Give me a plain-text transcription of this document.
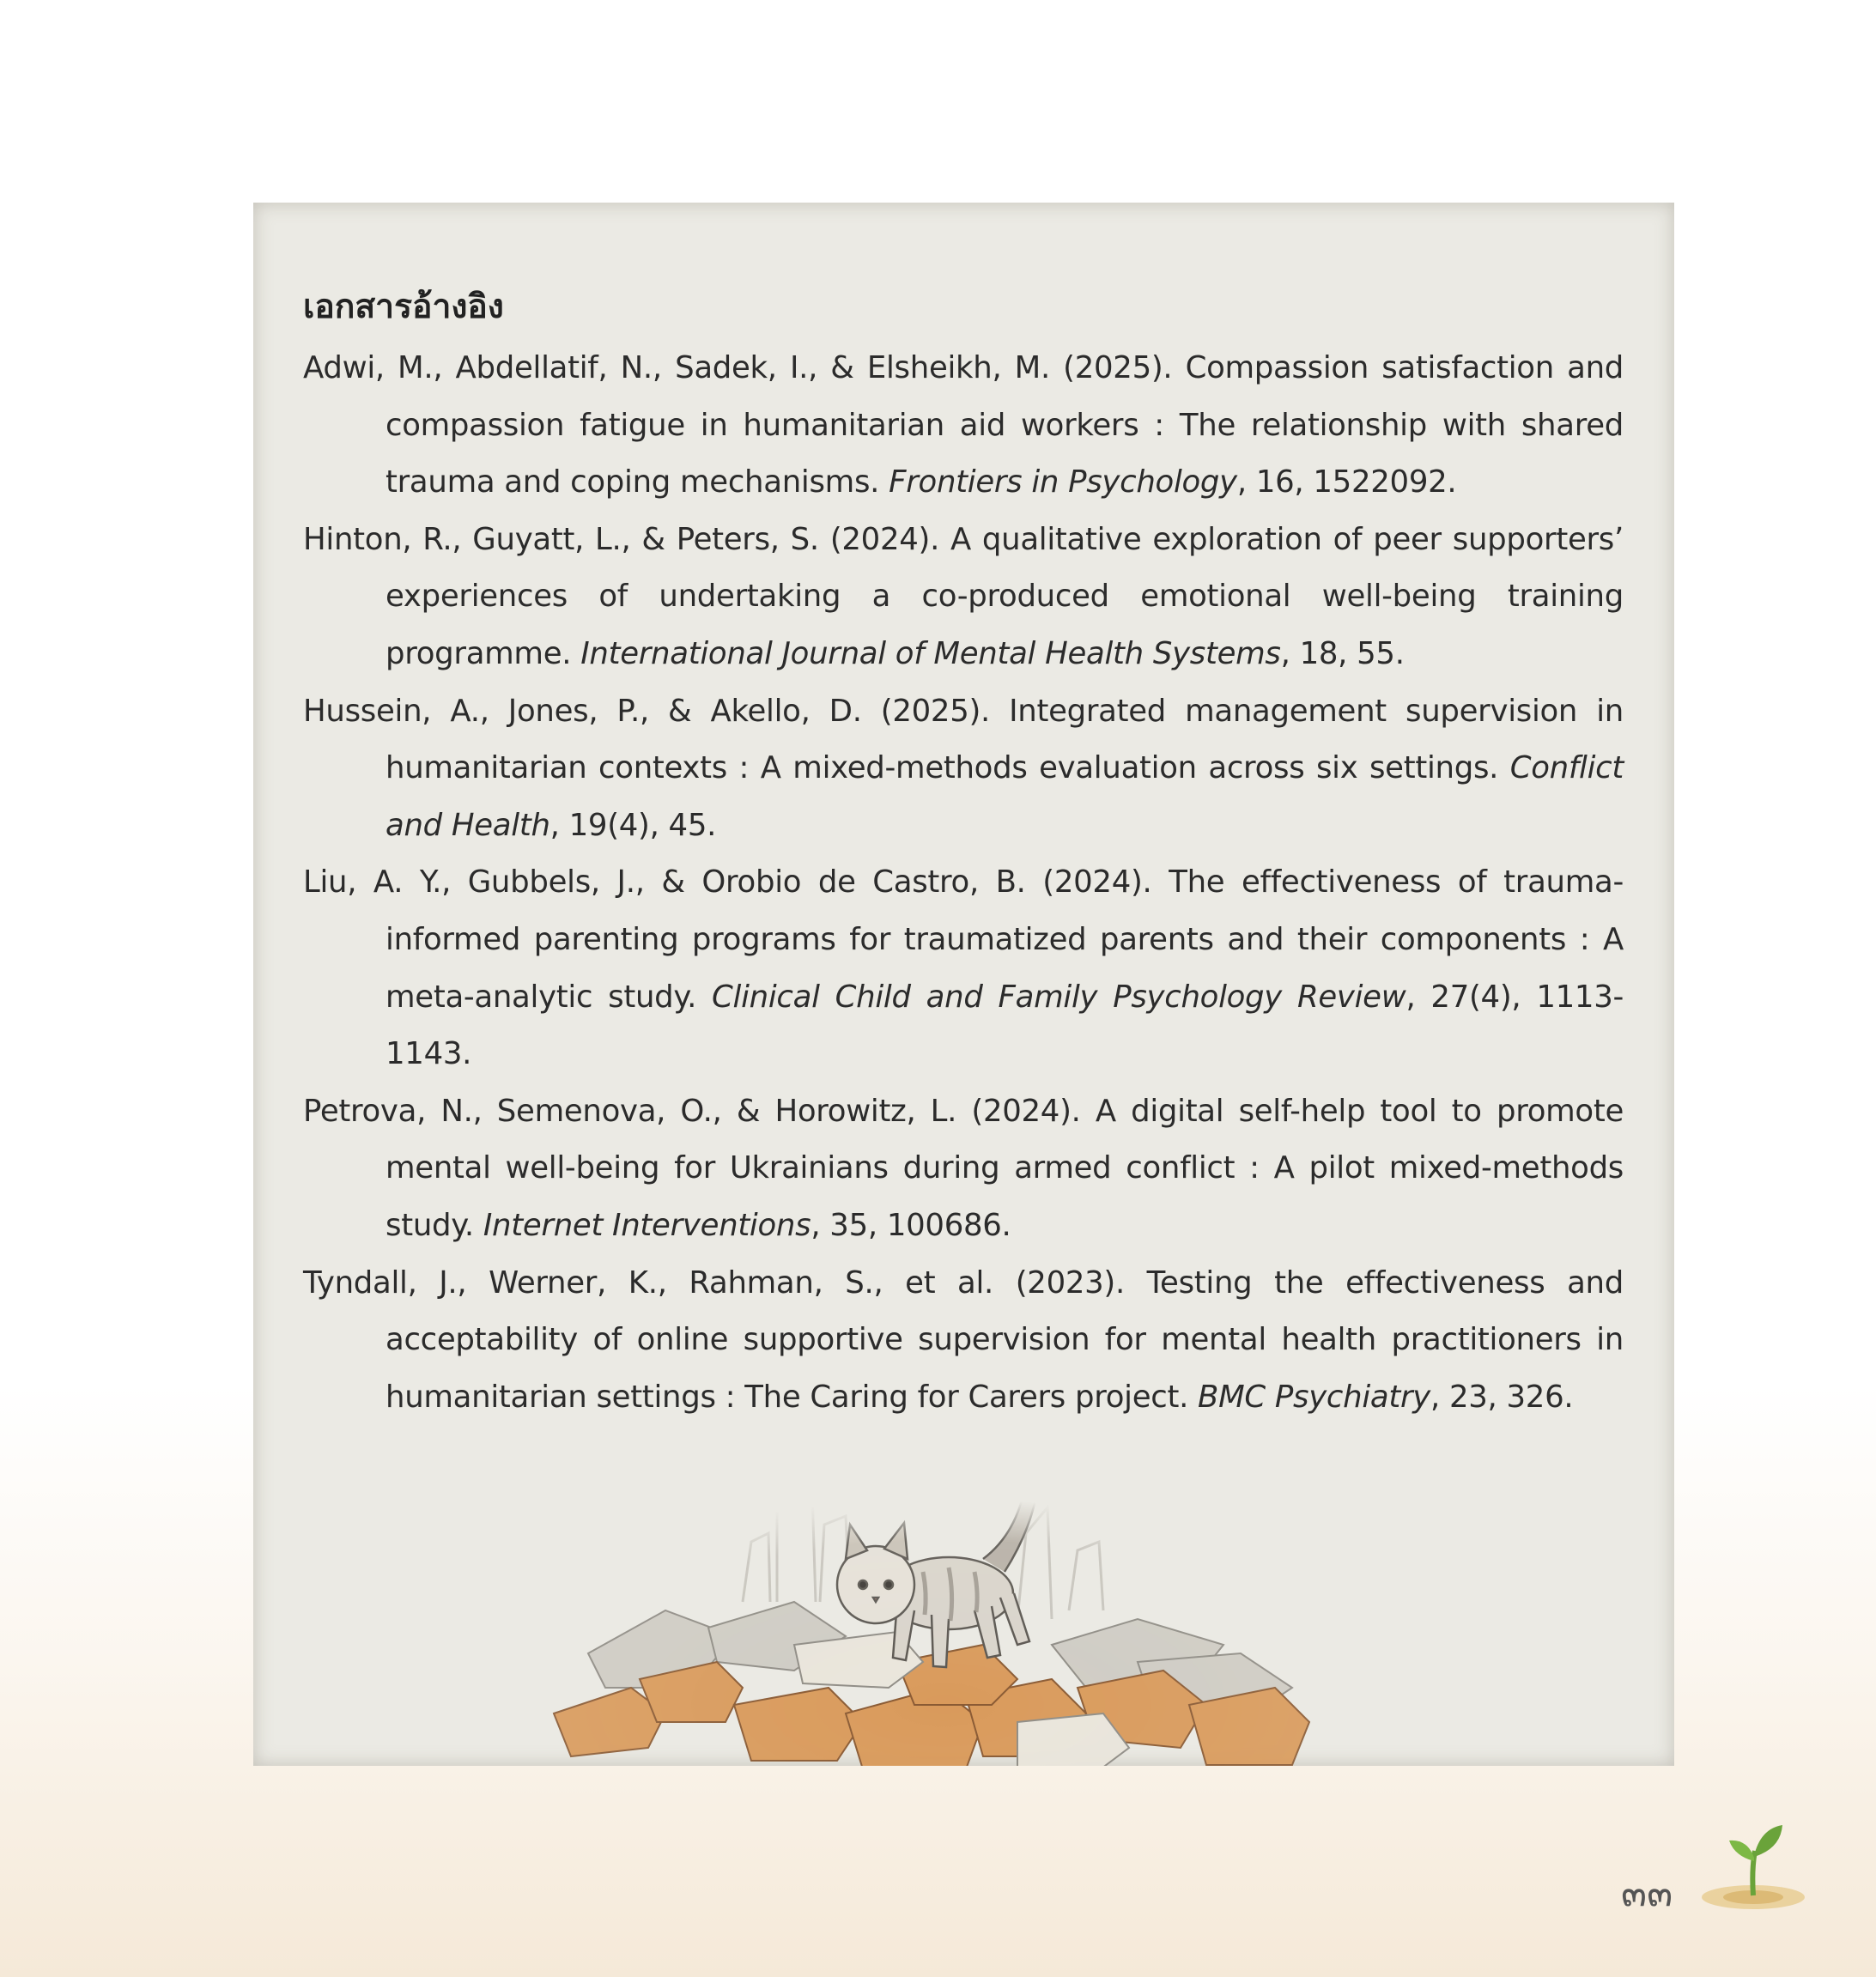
เอกสารอ้างอิง

Adwi, M., Abdellatif, N., Sadek, I., & Elsheikh, M. (2025). Compassion satisfaction and compassion fatigue in humanitarian aid workers : The relationship with shared trauma and coping mechanisms. Frontiers in Psychology, 16, 1522092.

Hinton, R., Guyatt, L., & Peters, S. (2024). A qualitative exploration of peer supporters’ experiences of undertaking a co-produced emotional well-being training programme. International Journal of Mental Health Systems, 18, 55.

Hussein, A., Jones, P., & Akello, D. (2025). Integrated management supervision in humanitarian contexts : A mixed-methods evaluation across six settings. Conflict and Health, 19(4), 45.

Liu, A. Y., Gubbels, J., & Orobio de Castro, B. (2024). The effectiveness of trauma-informed parenting programs for traumatized parents and their components : A meta-analytic study. Clinical Child and Family Psychology Review, 27(4), 1113-1143.

Petrova, N., Semenova, O., & Horowitz, L. (2024). A digital self-help tool to promote mental well-being for Ukrainians during armed conflict : A pilot mixed-methods study. Internet Interventions, 35, 100686.

Tyndall, J., Werner, K., Rahman, S., et al. (2023). Testing the effectiveness and acceptability of online supportive supervision for mental health practitioners in humanitarian settings : The Caring for Carers project. BMC Psychiatry, 23, 326.

๓๓
